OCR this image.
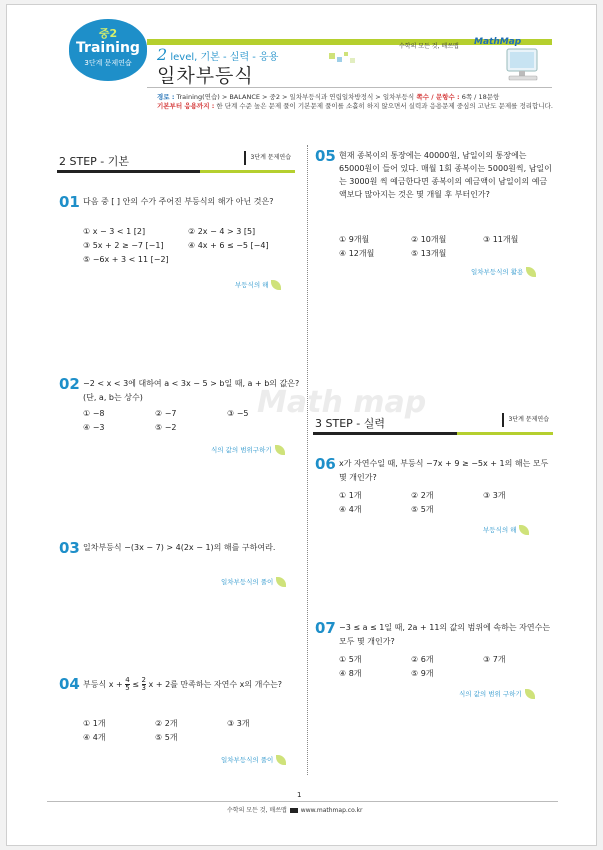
중2
Training
3단계 문제연습	2 level, 기본 - 실력 - 응용
일차부등식
수학의 모든 것, 매쓰맵 MathMap
경로 : Training(연습) > BALANCE > 중2 > 일차부등식과 연립일차방정식 > 일차부등식 쪽수 / 문항수 : 6쪽 / 18문항
기본부터 응용까지 : 한 단계 수준 높은 문제 풀이 기본문제 풀이를 소홀히 하지 않으면서 실력과 응용문제 중심의 고난도 문제를 정리합니다.
Math map
2 STEP - 기본	3단계 문제연습
01 다음 중 [ ] 안의 수가 주어진 부등식의 해가 아닌 것은?
① x − 3 < 1 [2]	② 2x − 4 > 3 [5]
③ 5x + 2 ≥ −7 [−1]	④ 4x + 6 ≤ −5 [−4]
⑤ −6x + 3 < 11 [−2]
부등식의 해
02 −2 < x < 3에 대하여 a < 3x − 5 > b일 때, a + b의 값은? (단, a, b는 상수)
① −8	② −7	③ −5
④ −3	⑤ −2
식의 값의 범위구하기
03 일차부등식 −(3x − 7) > 4(2x − 1)의 해를 구하여라.
일차부등식의 풀이
04 부등식 $x + \frac{4}{5} \le \frac{2}{3}$ x + 2를 만족하는 자연수 x의 개수는?
① 1개	② 2개	③ 3개
④ 4개	⑤ 5개
일차부등식의 풀이
05 현재 종복이의 통장에는 40000원, 남일이의 통장에는 65000원이 들어 있다. 매월 1회 종복이는 5000원씩, 남일이는 3000원 씩 예금한다면 종복이의 예금액이 남일이의 예금액보다 많아지는 것은 몇 개월 후 부터인가?
① 9개월	② 10개월	③ 11개월
④ 12개월	⑤ 13개월
일차부등식의 활용
3 STEP - 실력	3단계 문제연습
06 x가 자연수일 때, 부등식 −7x + 9 ≥ −5x + 1의 해는 모두 몇 개인가?
① 1개	② 2개	③ 3개
④ 4개	⑤ 5개
부등식의 해
07 −3 ≤ a ≤ 1일 때, 2a + 11의 값의 범위에 속하는 자연수는 모두 몇 개인가?
① 5개	② 6개	③ 7개
④ 8개	⑤ 9개
식의 값의 범위 구하기
1
수학의 모든 것, 매쓰맵 www.mathmap.co.kr
